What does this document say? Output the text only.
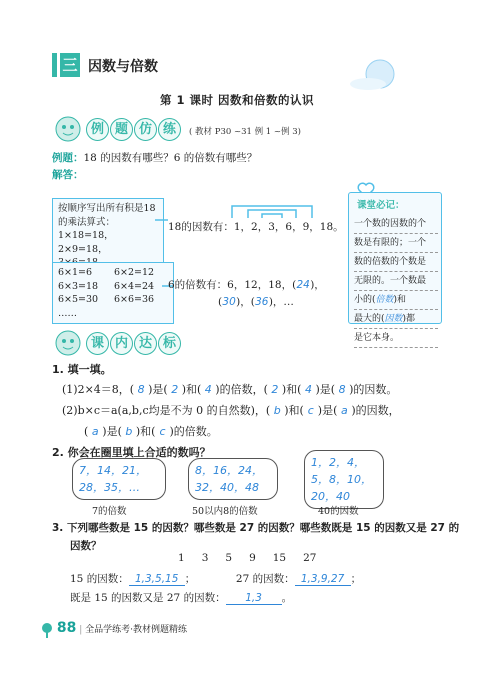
三 因数与倍数
第 1 课时 因数和倍数的认识
例 题 仿 练	( 教材 P30 ~31 例 1 ~例 3)
例题：18 的因数有哪些？6 的倍数有哪些？
解答：
按顺序写出所有积是18
的乘法算式：
1×18=18，2×9=18，
18的因数有：1，2，3，6，9，18。
6×1=6 6×2=12
6×3=18 6×4=24
6×5=30 6×6=36
……
6的倍数有：6，12，18，(24)，
(30)，(36)，…
课堂必记：
一个数的因数的个
数是有限的；一个
数的倍数的个数是
无限的。一个数最
小的(倍数)和
最大的(因数)都
是它本身。
课 内 达 标
1. 填一填。
(1)2×4＝8，( 8 )是( 2 )和( 4 )的倍数，( 2 )和( 4 )是( 8 )的因数。
(2)b×c＝a(a,b,c均是不为 0 的自然数)，( b )和( c )是( a )的因数，
( a )是( b )和( c )的倍数。
2. 你会在圈里填上合适的数吗？
7，14，21，
28，35，…
7的倍数
8，16，24，
32，40，48
50以内8的倍数
1，2，4，
5，8，10，
20，40
40的因数
3. 下列哪些数是 15 的因数？哪些数是 27 的因数？哪些数既是 15 的因数又是 27 的
因数？
1 3 5 9 15 27
15 的因数： 1,3,5,15 ；	27 的因数： 1,3,9,27 ；
既是 15 的因数又是 27 的因数： 1,3 。
88 | 全品学练考·教材例题精练
